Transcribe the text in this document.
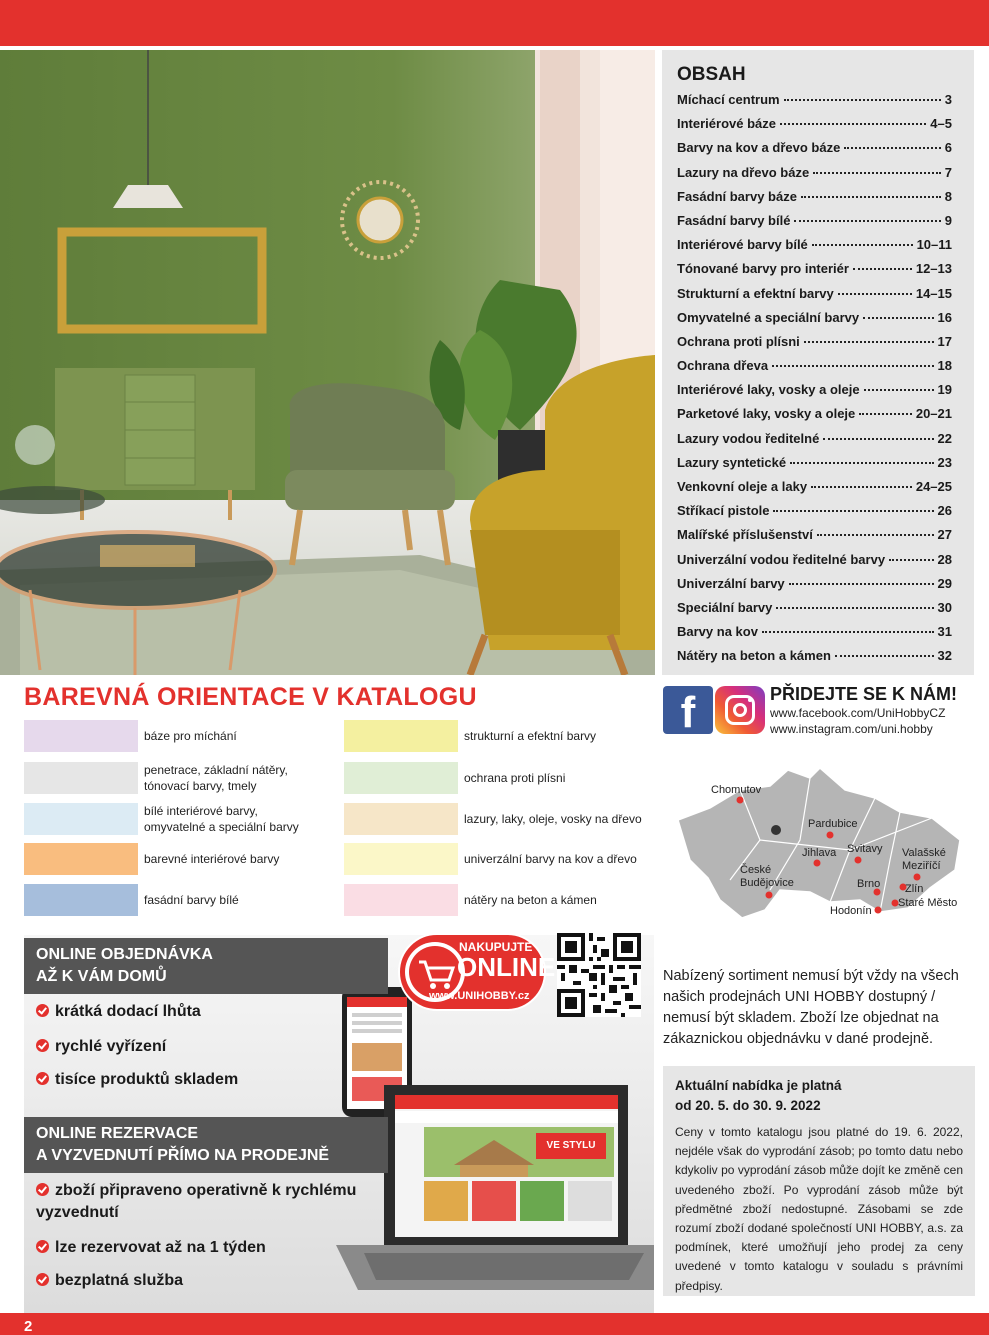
OBSAH
Míchací centrum	3
Interiérové báze	4–5
Barvy na kov a dřevo báze	6
Lazury na dřevo báze	7
Fasádní barvy báze	8
Fasádní barvy bílé	9
Interiérové barvy bílé	10–11
Tónované barvy pro interiér	12–13
Strukturní a efektní barvy	14–15
Omyvatelné a speciální barvy	16
Ochrana proti plísni	17
Ochrana dřeva	18
Interiérové laky, vosky a oleje	19
Parketové laky, vosky a oleje	20–21
Lazury vodou ředitelné	22
Lazury syntetické	23
Venkovní oleje a laky	24–25
Stříkací pistole	26
Malířské příslušenství	27
Univerzální vodou ředitelné barvy	28
Univerzální barvy	29
Speciální barvy	30
Barvy na kov	31
Nátěry na beton a kámen	32
BAREVNÁ ORIENTACE V KATALOGU
báze pro míchání
penetrace, základní nátěry,
tónovací barvy, tmely
bílé interiérové barvy,
omyvatelné a speciální barvy
barevné interiérové barvy
fasádní barvy bílé
strukturní a efektní barvy
ochrana proti plísni
lazury, laky, oleje, vosky na dřevo
univerzální barvy na kov a dřevo
nátěry na beton a kámen
f	PŘIDEJTE SE K NÁM!
www.facebook.com/UniHobbyCZ
www.instagram.com/uni.hobby
Chomutov
Pardubice
Jihlava Svitavy Valašské
Meziříčí
České
Budějovice	Brno Zlín
Staré Město
Hodonín
Nabízený sortiment nemusí být vždy na všech našich prodejnách UNI HOBBY dostupný / nemusí být skladem. Zboží lze objednat na zákaznickou objednávku v dané prodejně.
Aktuální nabídka je platná
od 20. 5. do 30. 9. 2022
Ceny v tomto katalogu jsou platné do 19. 6. 2022, nejdéle však do vyprodání zásob; po tomto datu nebo kdykoliv po vyprodání zásob může dojít ke změně cen uvedeného zboží. Po vyprodání zásob může být předmětné zboží nedostupné. Zásobami se zde rozumí zboží dodané společností UNI HOBBY, a.s. za podmínek, které umožňují jeho prodej za ceny uvedené v tomto katalogu v souladu s právními předpisy.
VE STYLU
ONLINE OBJEDNÁVKA
AŽ K VÁM DOMŮ
krátká dodací lhůta
rychlé vyřízení
tisíce produktů skladem
ONLINE REZERVACE
A VYZVEDNUTÍ PŘÍMO NA PRODEJNĚ
zboží připraveno operativně k rychlému
vyzvednutí
lze rezervovat až na 1 týden
bezplatná služba
NAKUPUJTE
ONLINE
www.UNIHOBBY.cz
2
